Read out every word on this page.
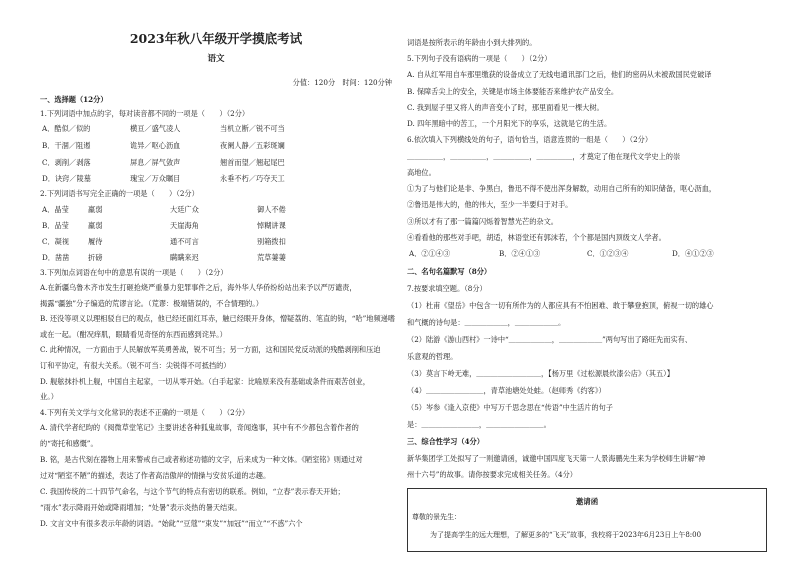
2023年秋八年级开学摸底考试
语文
分值：120分　时间：120分钟
一、选择题（12分）
1.下列词语中加点的字，每对读音都不同的一项是（　　）（2分）
A．酷似／似的	横亘／盛气凌人	当机立断／锐不可当
B．干涸／阻遏	诡异／呕心沥血	夜阑人静／五彩斑斓
C．剥削／剥落	屏息／屏气敛声	翘首而望／翘起尾巴
D．诀窍／陵墓	瑰宝／万众瞩目	永垂不朽／巧夺天工
2.下列词语书写完全正确的一项是（　　）（2分）
A．晶莹	羸弱	大廷广众	御人不倦
B．品莹	羸弱	天崖海角	悼糊讲课
C．凝视	履待	通不可言	别箱拨扣
D．凿凿	折磅	瞒瞒来迟	荒草萋萋
3.下列加点词语在句中的意思有误的一项是（　　）（2分）
A.在新疆乌鲁木齐市发生打砸抢烧严重暴力犯罪事件之后，海外华人华侨纷纷站出来予以严厉谴责，
揭露“疆独”分子编造的荒谬言论。（荒谬：极端错误的，不合情理的。）
B. 还没等项义以理相驳自已的观点，他已经还面红耳赤，触已经眼开身体，憎疑荔的、笔直的钩，“哈”地频递嗜
或在一起。（酣况痒肌，眼睛看见奇怪的东西而感到诧异。）
C. 此种情况，一方面由于人民解放军英勇善战，锐不可当；另一方面，这和国民党反动派的残酷剥削和压迫
订和平协定，有很大关系。（锐不可当：尖锐得不可抵挡的）
D. 舰舷抹扑机上舰，中国自主起家，一切从零开始。（白手起家：比喻原来没有基础或条件而艰苦创业，
业。）
4.下列有关文学与文化常识的表述不正确的一项是（　　）（2分）
A. 清代学者纪昀的《阅微草堂笔记》主要讲述各种狐鬼故事，奇闻逸事，其中有不少都包含着作者的
的“寄托和感慨”。
B. 铭，是古代刻在器物上用来警戒自己或者称述功德的文字，后来成为一种文体。《陋室铭》则通过对
过对“陋室不陋”的描述，表达了作者高洁傲岸的情操与安贫乐道的志趣。
C. 我国传统的二十四节气命名，与这个节气的特点有密切的联系。例如，“立春”表示春天开始；
“雨水”表示降雨开始或降雨增加；“处暑”表示炎热的暑天结束。
D. 文言文中有很多表示年龄的词语。“始龀”“豆蔻”“束发”“加冠”“而立”“不惑”六个
词语是按所表示的年龄由小到大排列的。
5.下列句子没有语病的一项是（　　）（2分）
A. 自从红军用自车那里缴获的设备成立了无线电通讯部门之后，他们的密码从未被敌国民党破译
B. 保障舌尖上的安全，关键是市场主体要能否来维护农产品安全。
C. 我到屋子里又将人的声音变小了时，那里面看见一棵大树。
D. 四年黑暗中的苦工，一个月阳光下的享乐，这就是它的生活。
6.依次填入下列横线处的句子，语句恰当，语意连贯的一组是（　　）（2分）
＿＿＿＿＿，＿＿＿＿＿，＿＿＿＿＿，＿＿＿＿＿，才奠定了他在现代文学史上的崇
高地位。
①为了与他们论是非、争黑白，鲁迅不得不使出浑身解数，动用自己所有的知识储备，呕心沥血，
②鲁迅是伟大的，他的伟大，至少一半要归于对手。
③所以才有了那一篇篇闪烁着智慧光芒的杂文。
④看看他的那些对手吧，胡适，林语堂还有郭沫若，个个都是国内顶级文人学者。
A．②①④③	B．②④①③	C．①②③④	D．④①②③
二、名句名篇默写（8分）
7.按要求填空题。（8分）
（1）杜甫《望岳》中包含一切有所作为的人都应具有不怕困难、敢于攀登抱顶，俯视一切的雄心
和气概的诗句是：＿＿＿＿＿＿，＿＿＿＿＿＿。
（2）陆游《游山西村》一诗中“＿＿＿＿＿＿，＿＿＿＿＿＿”两句写出了路旺先而实有、
乐意观的哲理。
（3）莫言下岭无难，＿＿＿＿＿＿＿＿＿，【杨万里《过松源晨炊漆公店》（其五）】
（4）＿＿＿＿＿＿＿＿，青草池塘处处蛙。（赵师秀《约客》）
（5）岑参《逢入京使》中写万千思念思在“传语”中生活片的句子
是：＿＿＿＿＿＿＿＿，＿＿＿＿＿＿＿＿。
三、综合性学习（4分）
新华集团学工处拟写了一则邀请函，诚邀中国四度飞天第一人景海鹏先生来为学校师生讲解“神
州十六号”的故事。请你按要求完成相关任务。（4分）
邀请函
尊敬的景先生：
为了提高学生的远大理想，了解更多的“飞天”故事，我校将于2023年6月23日上午8:00
